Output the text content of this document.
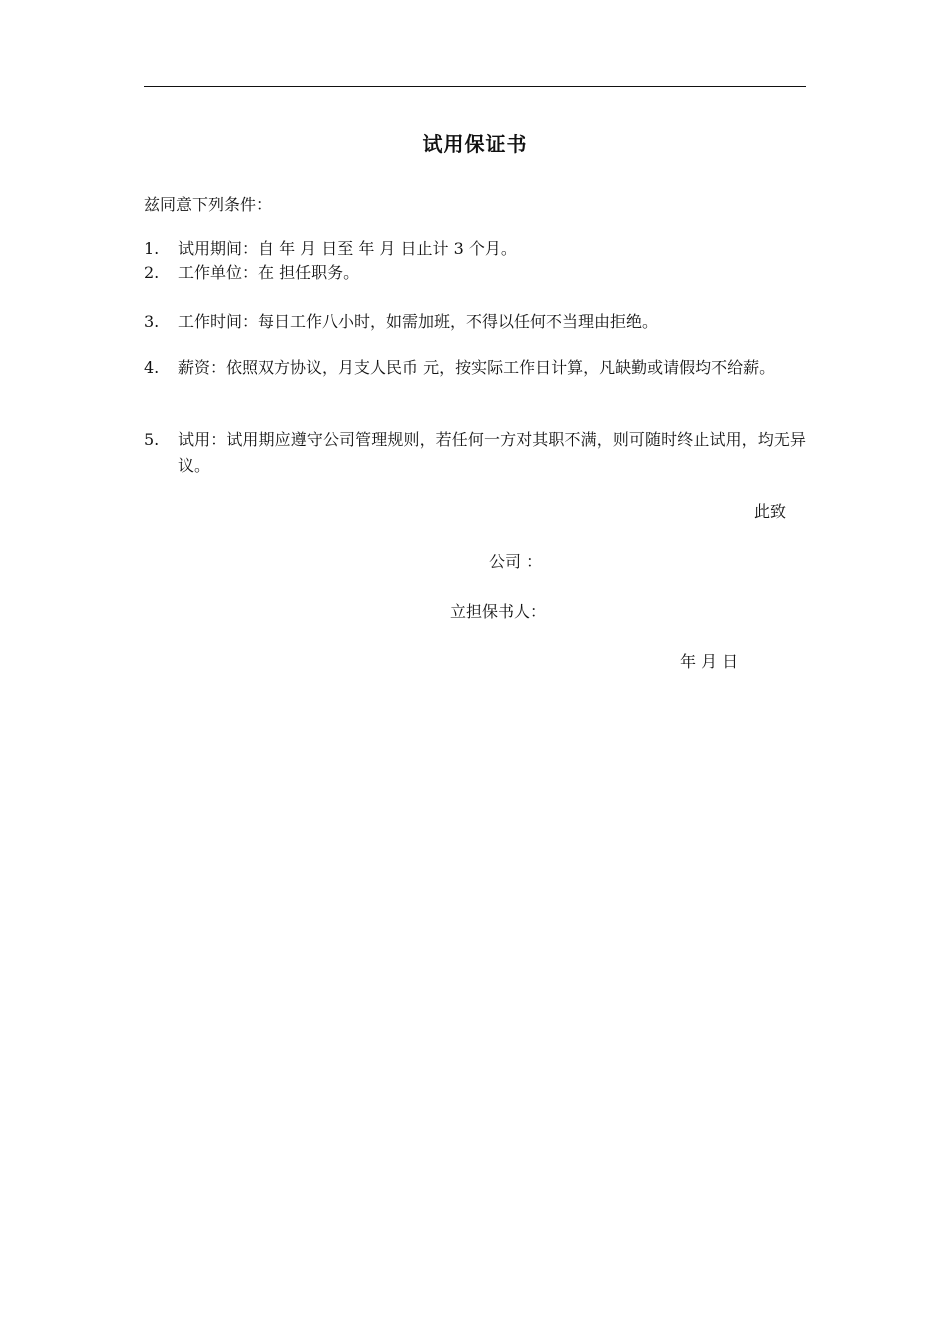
试用保证书
兹同意下列条件：
1.	试用期间：自 年 月 日至 年 月 日止计 3 个月。
2.	工作单位：在 担任职务。
3.	工作时间：每日工作八小时，如需加班，不得以任何不当理由拒绝。
4.	薪资：依照双方协议，月支人民币 元，按实际工作日计算，凡缺勤或请假均不给薪。
5.	试用：试用期应遵守公司管理规则，若任何一方对其职不满，则可随时终止试用，均无异议。
此致
公司 ：
立担保书人：
年 月 日
